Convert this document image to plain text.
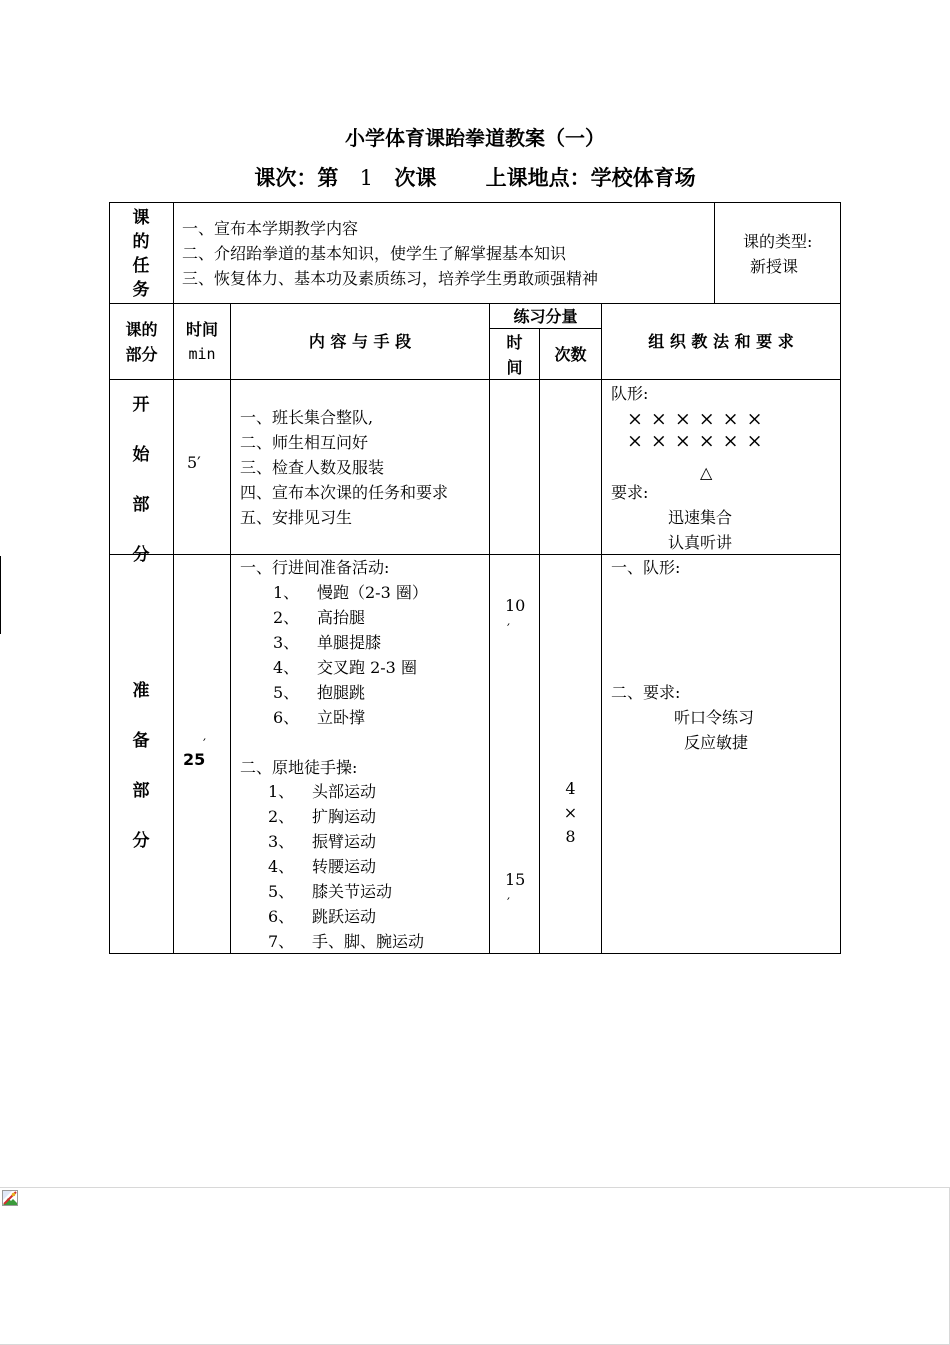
小学体育课跆拳道教案（一）
课次：第 1 次课 上课地点：学校体育场
课
的
任
务
一、宣布本学期教学内容
二、介绍跆拳道的基本知识，使学生了解掌握基本知识
三、恢复体力、基本功及素质练习，培养学生勇敢顽强精神
课的类型:
新授课
课的
部分
时间
min
内 容 与 手 段
练习分量
时
间
次数
组 织 教 法 和 要 求
开
始
部
分
5′
一、班长集合整队,
二、师生相互问好
三、检查人数及服装
四、宣布本次课的任务和要求
五、安排见习生
队形:
××××××
××××××
△
要求:
迅速集合
认真听讲
准
备
部
分
25
′
一、行进间准备活动:
1、 慢跑（2-3 圈）
2、 高抬腿
3、 单腿提膝
4、 交叉跑 2-3 圈
5、 抱腿跳
6、 立卧撑
二、原地徒手操:
1、 头部运动
2、 扩胸运动
3、 振臂运动
4、 转腰运动
5、 膝关节运动
6、 跳跃运动
7、 手、脚、腕运动
10
′
15
′
4
×
8
一、队形:
二、要求:
听口令练习
反应敏捷
